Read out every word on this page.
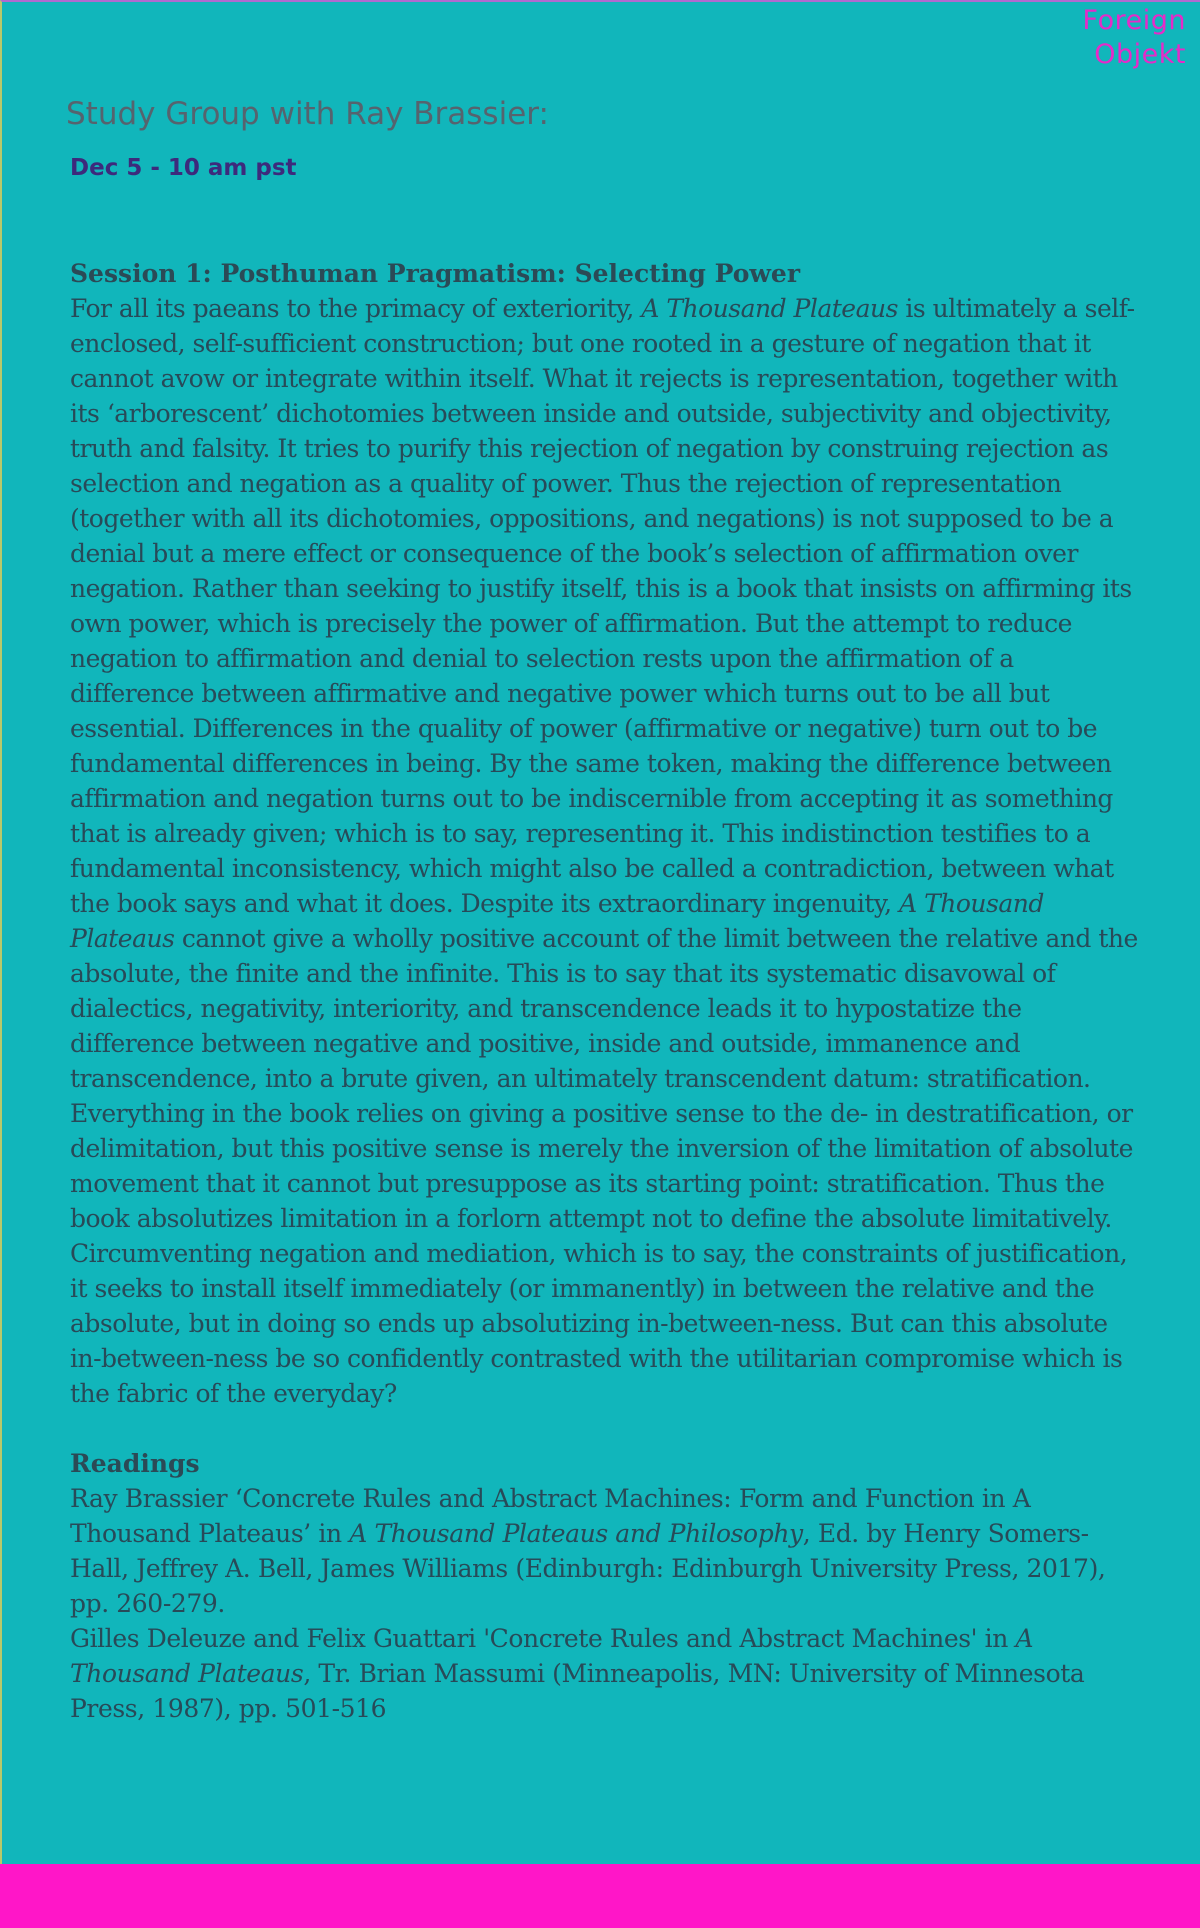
Foreign
Objekt
Study Group with Ray Brassier:
Dec 5 - 10 am pst
Session 1: Posthuman Pragmatism: Selecting Power

For all its paeans to the primacy of exteriority, A Thousand Plateaus is ultimately a self-enclosed, self-sufficient construction; but one rooted in a gesture of negation that it cannot avow or integrate within itself. What it rejects is representation, together with its ‘arborescent’ dichotomies between inside and outside, subjectivity and objectivity, truth and falsity. It tries to purify this rejection of negation by construing rejection as selection and negation as a quality of power. Thus the rejection of representation (together with all its dichotomies, oppositions, and negations) is not supposed to be a denial but a mere effect or consequence of the book’s selection of affirmation over negation. Rather than seeking to justify itself, this is a book that insists on affirming its own power, which is precisely the power of affirmation. But the attempt to reduce negation to affirmation and denial to selection rests upon the affirmation of a difference between affirmative and negative power which turns out to be all but essential. Differences in the quality of power (affirmative or negative) turn out to be fundamental differences in being. By the same token, making the difference between affirmation and negation turns out to be indiscernible from accepting it as something that is already given; which is to say, representing it. This indistinction testifies to a fundamental inconsistency, which might also be called a contradiction, between what the book says and what it does. Despite its extraordinary ingenuity, A Thousand Plateaus cannot give a wholly positive account of the limit between the relative and the absolute, the finite and the infinite. This is to say that its systematic disavowal of dialectics, negativity, interiority, and transcendence leads it to hypostatize the difference between negative and positive, inside and outside, immanence and transcendence, into a brute given, an ultimately transcendent datum: stratification. Everything in the book relies on giving a positive sense to the de- in destratification, or delimitation, but this positive sense is merely the inversion of the limitation of absolute movement that it cannot but presuppose as its starting point: stratification. Thus the book absolutizes limitation in a forlorn attempt not to define the absolute limitatively. Circumventing negation and mediation, which is to say, the constraints of justification, it seeks to install itself immediately (or immanently) in between the relative and the absolute, but in doing so ends up absolutizing in-between-ness. But can this absolute in-between-ness be so confidently contrasted with the utilitarian compromise which is the fabric of the everyday?

Readings

Ray Brassier ‘Concrete Rules and Abstract Machines: Form and Function in A Thousand Plateaus’ in A Thousand Plateaus and Philosophy, Ed. by Henry Somers-Hall, Jeffrey A. Bell, James Williams (Edinburgh: Edinburgh University Press, 2017), pp. 260-279.

Gilles Deleuze and Felix Guattari 'Concrete Rules and Abstract Machines' in A Thousand Plateaus, Tr. Brian Massumi (Minneapolis, MN: University of Minnesota Press, 1987), pp. 501-516
